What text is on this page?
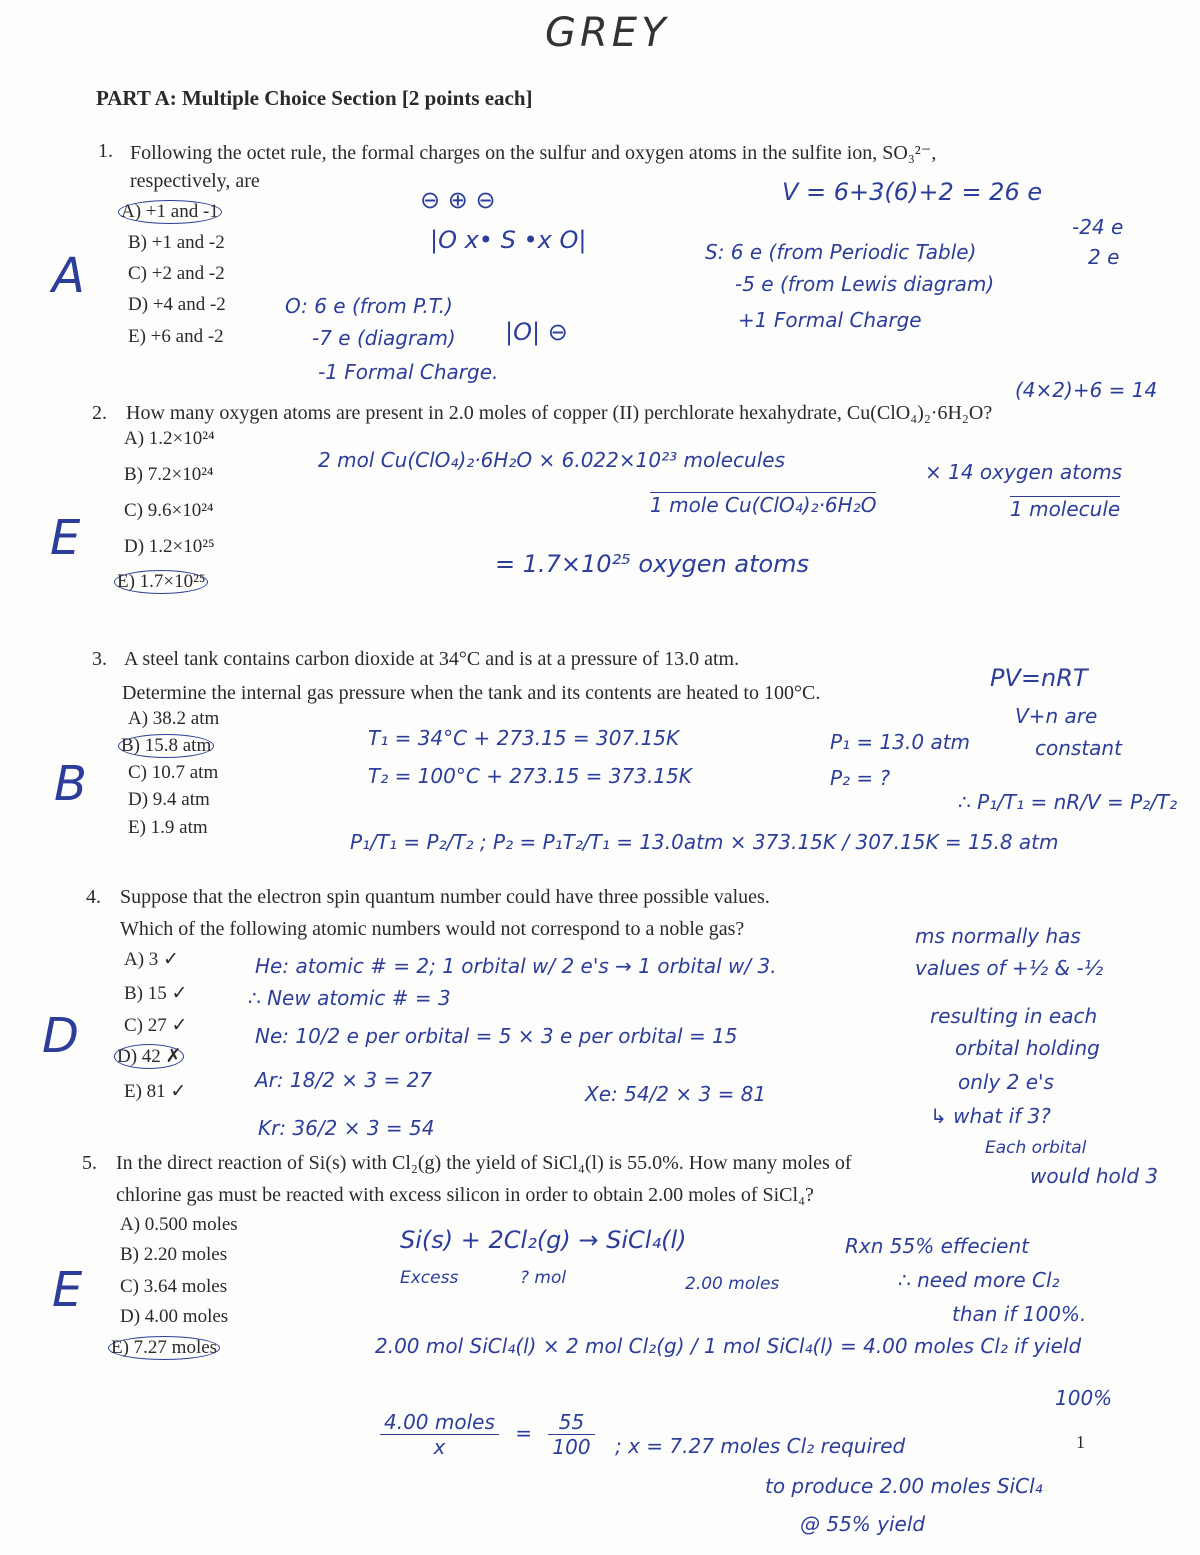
GREY
PART A: Multiple Choice Section [2 points each]
1. Following the octet rule, the formal charges on the sulfur and oxygen atoms in the sulfite ion, SO₃²⁻,
respectively, are
A) +1 and -1
B) +1 and -2
C) +2 and -2
D) +4 and -2
E) +6 and -2
A
⊖ ⊕ ⊖
|O x• S •x O|
|O| ⊖
V = 6+3(6)+2 = 26 e
-24 e
2 e
S: 6 e (from Periodic Table)
-5 e (from Lewis diagram)
+1 Formal Charge
O: 6 e (from P.T.)
-7 e (diagram)
-1 Formal Charge.
(4×2)+6 = 14
2. How many oxygen atoms are present in 2.0 moles of copper (II) perchlorate hexahydrate, Cu(ClO₄)₂·6H₂O?
A) 1.2×10²⁴
B) 7.2×10²⁴
C) 9.6×10²⁴
D) 1.2×10²⁵
E) 1.7×10²⁵
E
2 mol Cu(ClO₄)₂·6H₂O × 6.022×10²³ molecules
1 mole Cu(ClO₄)₂·6H₂O
× 14 oxygen atoms
1 molecule
= 1.7×10²⁵ oxygen atoms
3. A steel tank contains carbon dioxide at 34°C and is at a pressure of 13.0 atm.
Determine the internal gas pressure when the tank and its contents are heated to 100°C.
PV=nRT
A) 38.2 atm
B) 15.8 atm
C) 10.7 atm
D) 9.4 atm
E) 1.9 atm
B
V+n are
constant
T₁ = 34°C + 273.15 = 307.15K
T₂ = 100°C + 273.15 = 373.15K
P₁ = 13.0 atm
P₂ = ?
∴ P₁/T₁ = nR/V = P₂/T₂
P₁/T₁ = P₂/T₂ ; P₂ = P₁T₂/T₁ = 13.0atm × 373.15K / 307.15K = 15.8 atm
4. Suppose that the electron spin quantum number could have three possible values.
Which of the following atomic numbers would not correspond to a noble gas?
A) 3 ✓
B) 15 ✓
C) 27 ✓
D) 42 ✗
E) 81 ✓
D
He: atomic # = 2; 1 orbital w/ 2 e's → 1 orbital w/ 3.
∴ New atomic # = 3
Ne: 10/2 e per orbital = 5 × 3 e per orbital = 15
Ar: 18/2 × 3 = 27
Xe: 54/2 × 3 = 81
Kr: 36/2 × 3 = 54
ms normally has
values of +½ & -½
resulting in each
orbital holding
only 2 e's
↳ what if 3?
Each orbital
would hold 3
5. In the direct reaction of Si(s) with Cl₂(g) the yield of SiCl₄(l) is 55.0%. How many moles of
chlorine gas must be reacted with excess silicon in order to obtain 2.00 moles of SiCl₄?
A) 0.500 moles
B) 2.20 moles
C) 3.64 moles
D) 4.00 moles
E) 7.27 moles
E
Si(s) + 2Cl₂(g) → SiCl₄(l)	Rxn 55% effecient
∴ need more Cl₂
than if 100%.
Excess	? mol	2.00 moles
2.00 mol SiCl₄(l) × 2 mol Cl₂(g) / 1 mol SiCl₄(l) = 4.00 moles Cl₂ if yield
100%
$\frac{\text{4.00 moles}}{x} = \frac{55}{100}$ ; x = 7.27 moles Cl₂ required
to produce 2.00 moles SiCl₄
@ 55% yield
1
